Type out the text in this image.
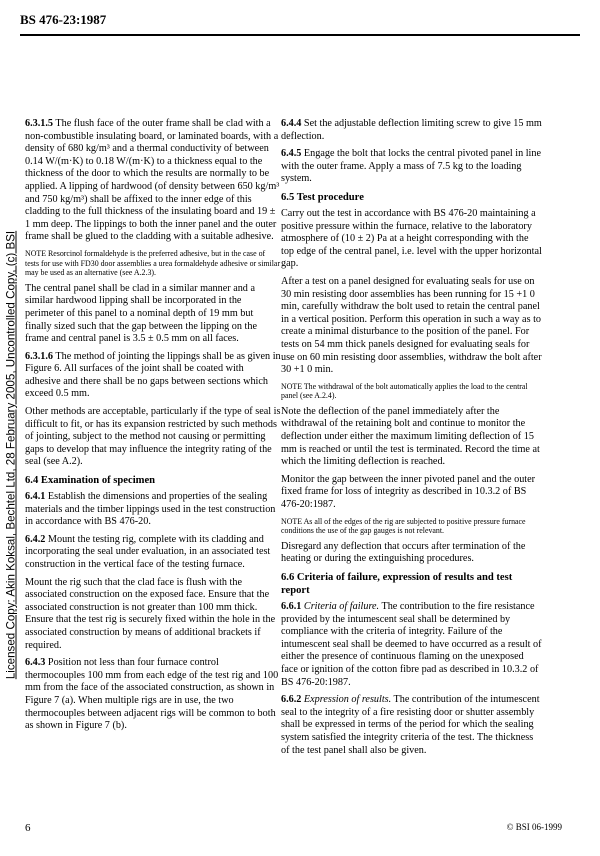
BS 476-23:1987
Licensed Copy: Akin Koksal, Bechtel Ltd, 28 February 2005, Uncontrolled Copy, (c) BSI

6.3.1.5 The flush face of the outer frame shall be clad with a non-combustible insulating board, or laminated boards, with a density of 680 kg/m³ and a thermal conductivity of between 0.14 W/(m·K) to 0.18 W/(m·K) to a thickness equal to the thickness of the door to which the results are normally to be applied. A lipping of hardwood (of density between 650 kg/m³ and 750 kg/m³) shall be affixed to the inner edge of this cladding to the full thickness of the insulating board and 19 ± 1 mm deep. The lippings to both the inner panel and the outer frame shall be glued to the cladding with a suitable adhesive.

NOTE Resorcinol formaldehyde is the preferred adhesive, but in the case of tests for use with FD30 door assemblies a urea formaldehyde adhesive or similar may be used as an alternative (see A.2.3).

The central panel shall be clad in a similar manner and a similar hardwood lipping shall be incorporated in the perimeter of this panel to a nominal depth of 19 mm but finally sized such that the gap between the lipping on the frame and central panel is 3.5 ± 0.5 mm on all faces.

6.3.1.6 The method of jointing the lippings shall be as given in Figure 6. All surfaces of the joint shall be coated with adhesive and there shall be no gaps between sections which exceed 0.5 mm.

Other methods are acceptable, particularly if the type of seal is difficult to fit, or has its expansion restricted by such methods of jointing, subject to the method not causing or permitting gaps to develop that may influence the integrity rating of the seal (see A.2).

6.4 Examination of specimen

6.4.1 Establish the dimensions and properties of the sealing materials and the timber lippings used in the test construction in accordance with BS 476-20.

6.4.2 Mount the testing rig, complete with its cladding and incorporating the seal under evaluation, in an associated test construction in the vertical face of the testing furnace.

Mount the rig such that the clad face is flush with the associated construction on the exposed face. Ensure that the associated construction is not greater than 100 mm thick. Ensure that the test rig is securely fixed within the hole in the associated construction by means of additional brackets if required.

6.4.3 Position not less than four furnace control thermocouples 100 mm from each edge of the test rig and 100 mm from the face of the associated construction, as shown in Figure 7 (a). When multiple rigs are in use, the two thermocouples between adjacent rigs will be common to both as shown in Figure 7 (b).

6.4.4 Set the adjustable deflection limiting screw to give 15 mm deflection.

6.4.5 Engage the bolt that locks the central pivoted panel in line with the outer frame. Apply a mass of 7.5 kg to the loading system.

6.5 Test procedure

Carry out the test in accordance with BS 476-20 maintaining a positive pressure within the furnace, relative to the laboratory atmosphere of (10 ± 2) Pa at a height corresponding with the top edge of the central panel, i.e. level with the upper horizontal gap.

After a test on a panel designed for evaluating seals for use on 30 min resisting door assemblies has been running for 15 +1 0 min, carefully withdraw the bolt used to retain the central panel in a vertical position. Perform this operation in such a way as to create a minimal disturbance to the position of the panel. For tests on 54 mm thick panels designed for evaluating seals for use on 60 min resisting door assemblies, withdraw the bolt after 30 +1 0 min.

NOTE The withdrawal of the bolt automatically applies the load to the central panel (see A.2.4).

Note the deflection of the panel immediately after the withdrawal of the retaining bolt and continue to monitor the deflection under either the maximum limiting deflection of 15 mm is reached or until the test is terminated. Record the time at which the limiting deflection is reached.

Monitor the gap between the inner pivoted panel and the outer fixed frame for loss of integrity as described in 10.3.2 of BS 476-20:1987.

NOTE As all of the edges of the rig are subjected to positive pressure furnace conditions the use of the gap gauges is not relevant.

Disregard any deflection that occurs after termination of the heating or during the extinguishing procedures.

6.6 Criteria of failure, expression of results and test report

6.6.1 Criteria of failure. The contribution to the fire resistance provided by the intumescent seal shall be determined by compliance with the criteria of integrity. Failure of the intumescent seal shall be deemed to have occurred as a result of either the presence of continuous flaming on the unexposed face or ignition of the cotton fibre pad as described in 10.3.2 of BS 476-20:1987.

6.6.2 Expression of results. The contribution of the intumescent seal to the integrity of a fire resisting door or shutter assembly shall be expressed in terms of the period for which the sealing system satisfied the integrity criteria of the test. The thickness of the test panel shall also be given.

6	© BSI 06-1999
